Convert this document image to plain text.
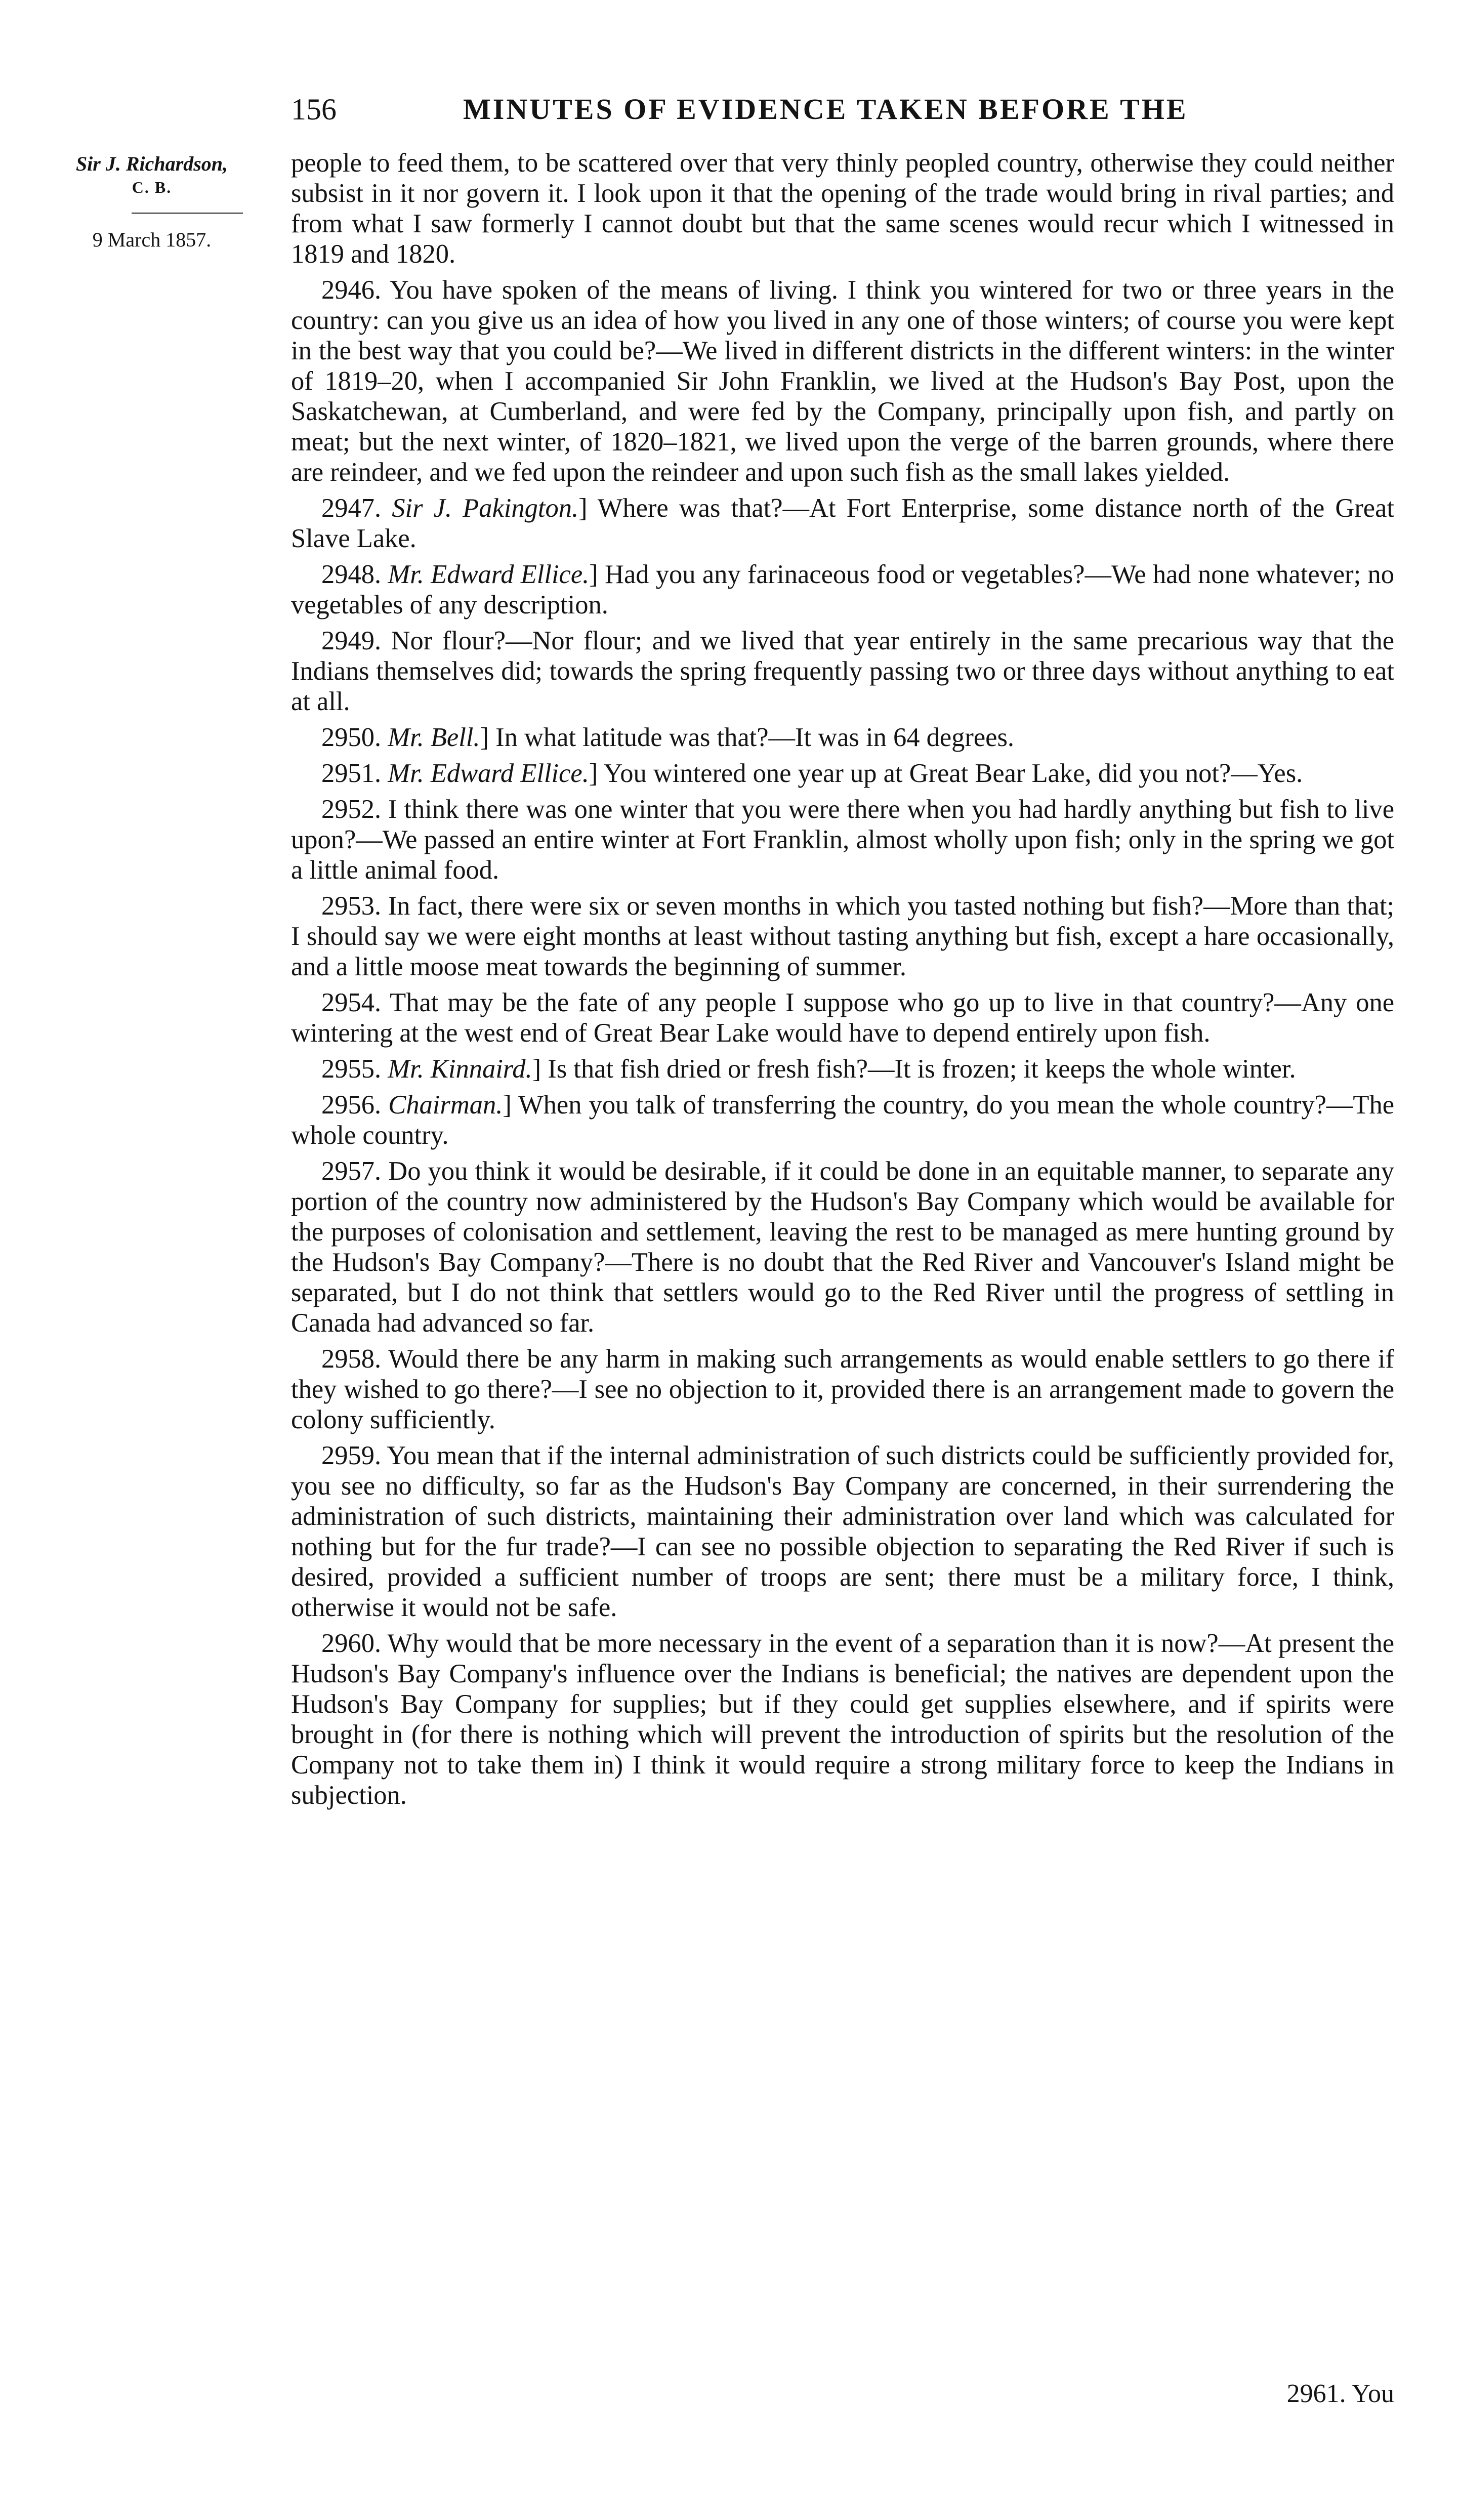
156	MINUTES OF EVIDENCE TAKEN BEFORE THE
Sir J. Richardson,
C. B.
9 March 1857.

people to feed them, to be scattered over that very thinly peopled country, otherwise they could neither subsist in it nor govern it. I look upon it that the opening of the trade would bring in rival parties; and from what I saw formerly I cannot doubt but that the same scenes would recur which I witnessed in 1819 and 1820.

2946. You have spoken of the means of living. I think you wintered for two or three years in the country: can you give us an idea of how you lived in any one of those winters; of course you were kept in the best way that you could be?—We lived in different districts in the different winters: in the winter of 1819–20, when I accompanied Sir John Franklin, we lived at the Hudson's Bay Post, upon the Saskatchewan, at Cumberland, and were fed by the Company, principally upon fish, and partly on meat; but the next winter, of 1820–1821, we lived upon the verge of the barren grounds, where there are reindeer, and we fed upon the reindeer and upon such fish as the small lakes yielded.

2947. Sir J. Pakington.] Where was that?—At Fort Enterprise, some distance north of the Great Slave Lake.

2948. Mr. Edward Ellice.] Had you any farinaceous food or vegetables?—We had none whatever; no vegetables of any description.

2949. Nor flour?—Nor flour; and we lived that year entirely in the same precarious way that the Indians themselves did; towards the spring frequently passing two or three days without anything to eat at all.

2950. Mr. Bell.] In what latitude was that?—It was in 64 degrees.

2951. Mr. Edward Ellice.] You wintered one year up at Great Bear Lake, did you not?—Yes.

2952. I think there was one winter that you were there when you had hardly anything but fish to live upon?—We passed an entire winter at Fort Franklin, almost wholly upon fish; only in the spring we got a little animal food.

2953. In fact, there were six or seven months in which you tasted nothing but fish?—More than that; I should say we were eight months at least without tasting anything but fish, except a hare occasionally, and a little moose meat towards the beginning of summer.

2954. That may be the fate of any people I suppose who go up to live in that country?—Any one wintering at the west end of Great Bear Lake would have to depend entirely upon fish.

2955. Mr. Kinnaird.] Is that fish dried or fresh fish?—It is frozen; it keeps the whole winter.

2956. Chairman.] When you talk of transferring the country, do you mean the whole country?—The whole country.

2957. Do you think it would be desirable, if it could be done in an equitable manner, to separate any portion of the country now administered by the Hudson's Bay Company which would be available for the purposes of colonisation and settlement, leaving the rest to be managed as mere hunting ground by the Hudson's Bay Company?—There is no doubt that the Red River and Vancouver's Island might be separated, but I do not think that settlers would go to the Red River until the progress of settling in Canada had advanced so far.

2958. Would there be any harm in making such arrangements as would enable settlers to go there if they wished to go there?—I see no objection to it, provided there is an arrangement made to govern the colony sufficiently.

2959. You mean that if the internal administration of such districts could be sufficiently provided for, you see no difficulty, so far as the Hudson's Bay Company are concerned, in their surrendering the administration of such districts, maintaining their administration over land which was calculated for nothing but for the fur trade?—I can see no possible objection to separating the Red River if such is desired, provided a sufficient number of troops are sent; there must be a military force, I think, otherwise it would not be safe.

2960. Why would that be more necessary in the event of a separation than it is now?—At present the Hudson's Bay Company's influence over the Indians is beneficial; the natives are dependent upon the Hudson's Bay Company for supplies; but if they could get supplies elsewhere, and if spirits were brought in (for there is nothing which will prevent the introduction of spirits but the resolution of the Company not to take them in) I think it would require a strong military force to keep the Indians in subjection.

2961. You
